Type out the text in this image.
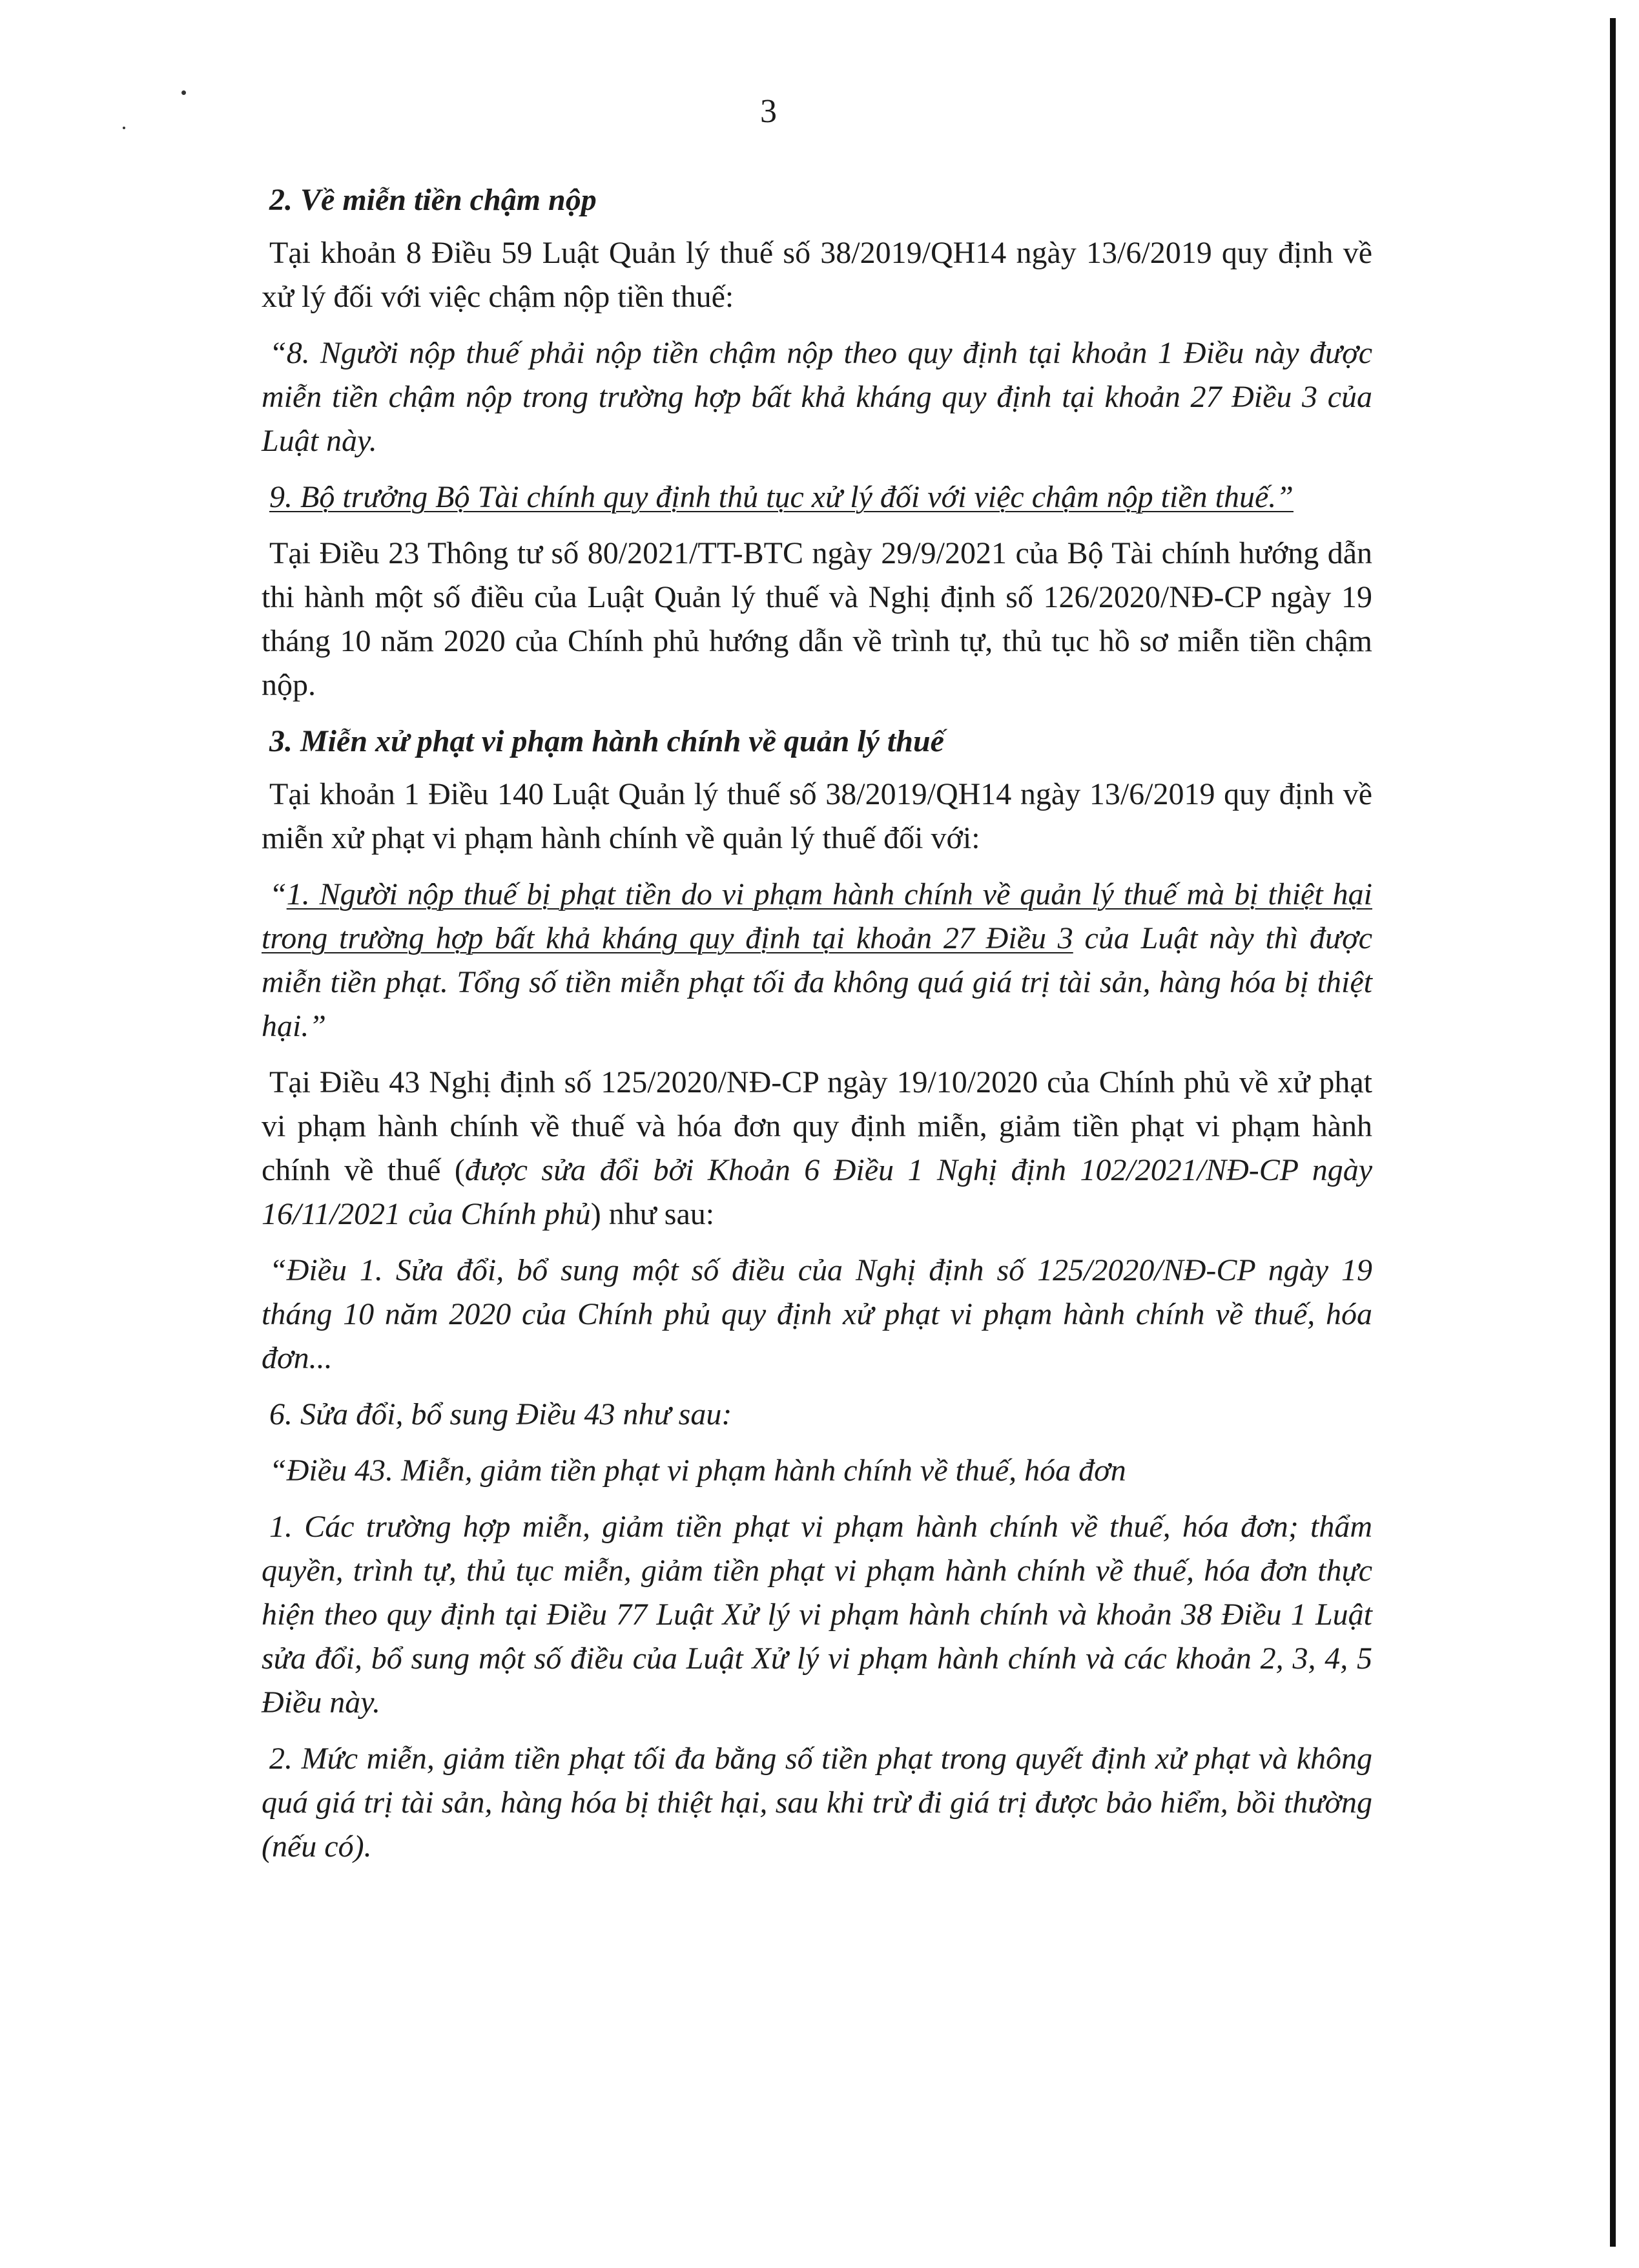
3

2. Về miễn tiền chậm nộp

Tại khoản 8 Điều 59 Luật Quản lý thuế số 38/2019/QH14 ngày 13/6/2019 quy định về xử lý đối với việc chậm nộp tiền thuế:

“8. Người nộp thuế phải nộp tiền chậm nộp theo quy định tại khoản 1 Điều này được miễn tiền chậm nộp trong trường hợp bất khả kháng quy định tại khoản 27 Điều 3 của Luật này.

9. Bộ trưởng Bộ Tài chính quy định thủ tục xử lý đối với việc chậm nộp tiền thuế.”

Tại Điều 23 Thông tư số 80/2021/TT-BTC ngày 29/9/2021 của Bộ Tài chính hướng dẫn thi hành một số điều của Luật Quản lý thuế và Nghị định số 126/2020/NĐ-CP ngày 19 tháng 10 năm 2020 của Chính phủ hướng dẫn về trình tự, thủ tục hồ sơ miễn tiền chậm nộp.

3. Miễn xử phạt vi phạm hành chính về quản lý thuế

Tại khoản 1 Điều 140 Luật Quản lý thuế số 38/2019/QH14 ngày 13/6/2019 quy định về miễn xử phạt vi phạm hành chính về quản lý thuế đối với:

“1. Người nộp thuế bị phạt tiền do vi phạm hành chính về quản lý thuế mà bị thiệt hại trong trường hợp bất khả kháng quy định tại khoản 27 Điều 3 của Luật này thì được miễn tiền phạt. Tổng số tiền miễn phạt tối đa không quá giá trị tài sản, hàng hóa bị thiệt hại.”

Tại Điều 43 Nghị định số 125/2020/NĐ-CP ngày 19/10/2020 của Chính phủ về xử phạt vi phạm hành chính về thuế và hóa đơn quy định miễn, giảm tiền phạt vi phạm hành chính về thuế (được sửa đổi bởi Khoản 6 Điều 1 Nghị định 102/2021/NĐ-CP ngày 16/11/2021 của Chính phủ) như sau:

“Điều 1. Sửa đổi, bổ sung một số điều của Nghị định số 125/2020/NĐ-CP ngày 19 tháng 10 năm 2020 của Chính phủ quy định xử phạt vi phạm hành chính về thuế, hóa đơn...

6. Sửa đổi, bổ sung Điều 43 như sau:

“Điều 43. Miễn, giảm tiền phạt vi phạm hành chính về thuế, hóa đơn

1. Các trường hợp miễn, giảm tiền phạt vi phạm hành chính về thuế, hóa đơn; thẩm quyền, trình tự, thủ tục miễn, giảm tiền phạt vi phạm hành chính về thuế, hóa đơn thực hiện theo quy định tại Điều 77 Luật Xử lý vi phạm hành chính và khoản 38 Điều 1 Luật sửa đổi, bổ sung một số điều của Luật Xử lý vi phạm hành chính và các khoản 2, 3, 4, 5 Điều này.

2. Mức miễn, giảm tiền phạt tối đa bằng số tiền phạt trong quyết định xử phạt và không quá giá trị tài sản, hàng hóa bị thiệt hại, sau khi trừ đi giá trị được bảo hiểm, bồi thường (nếu có).
